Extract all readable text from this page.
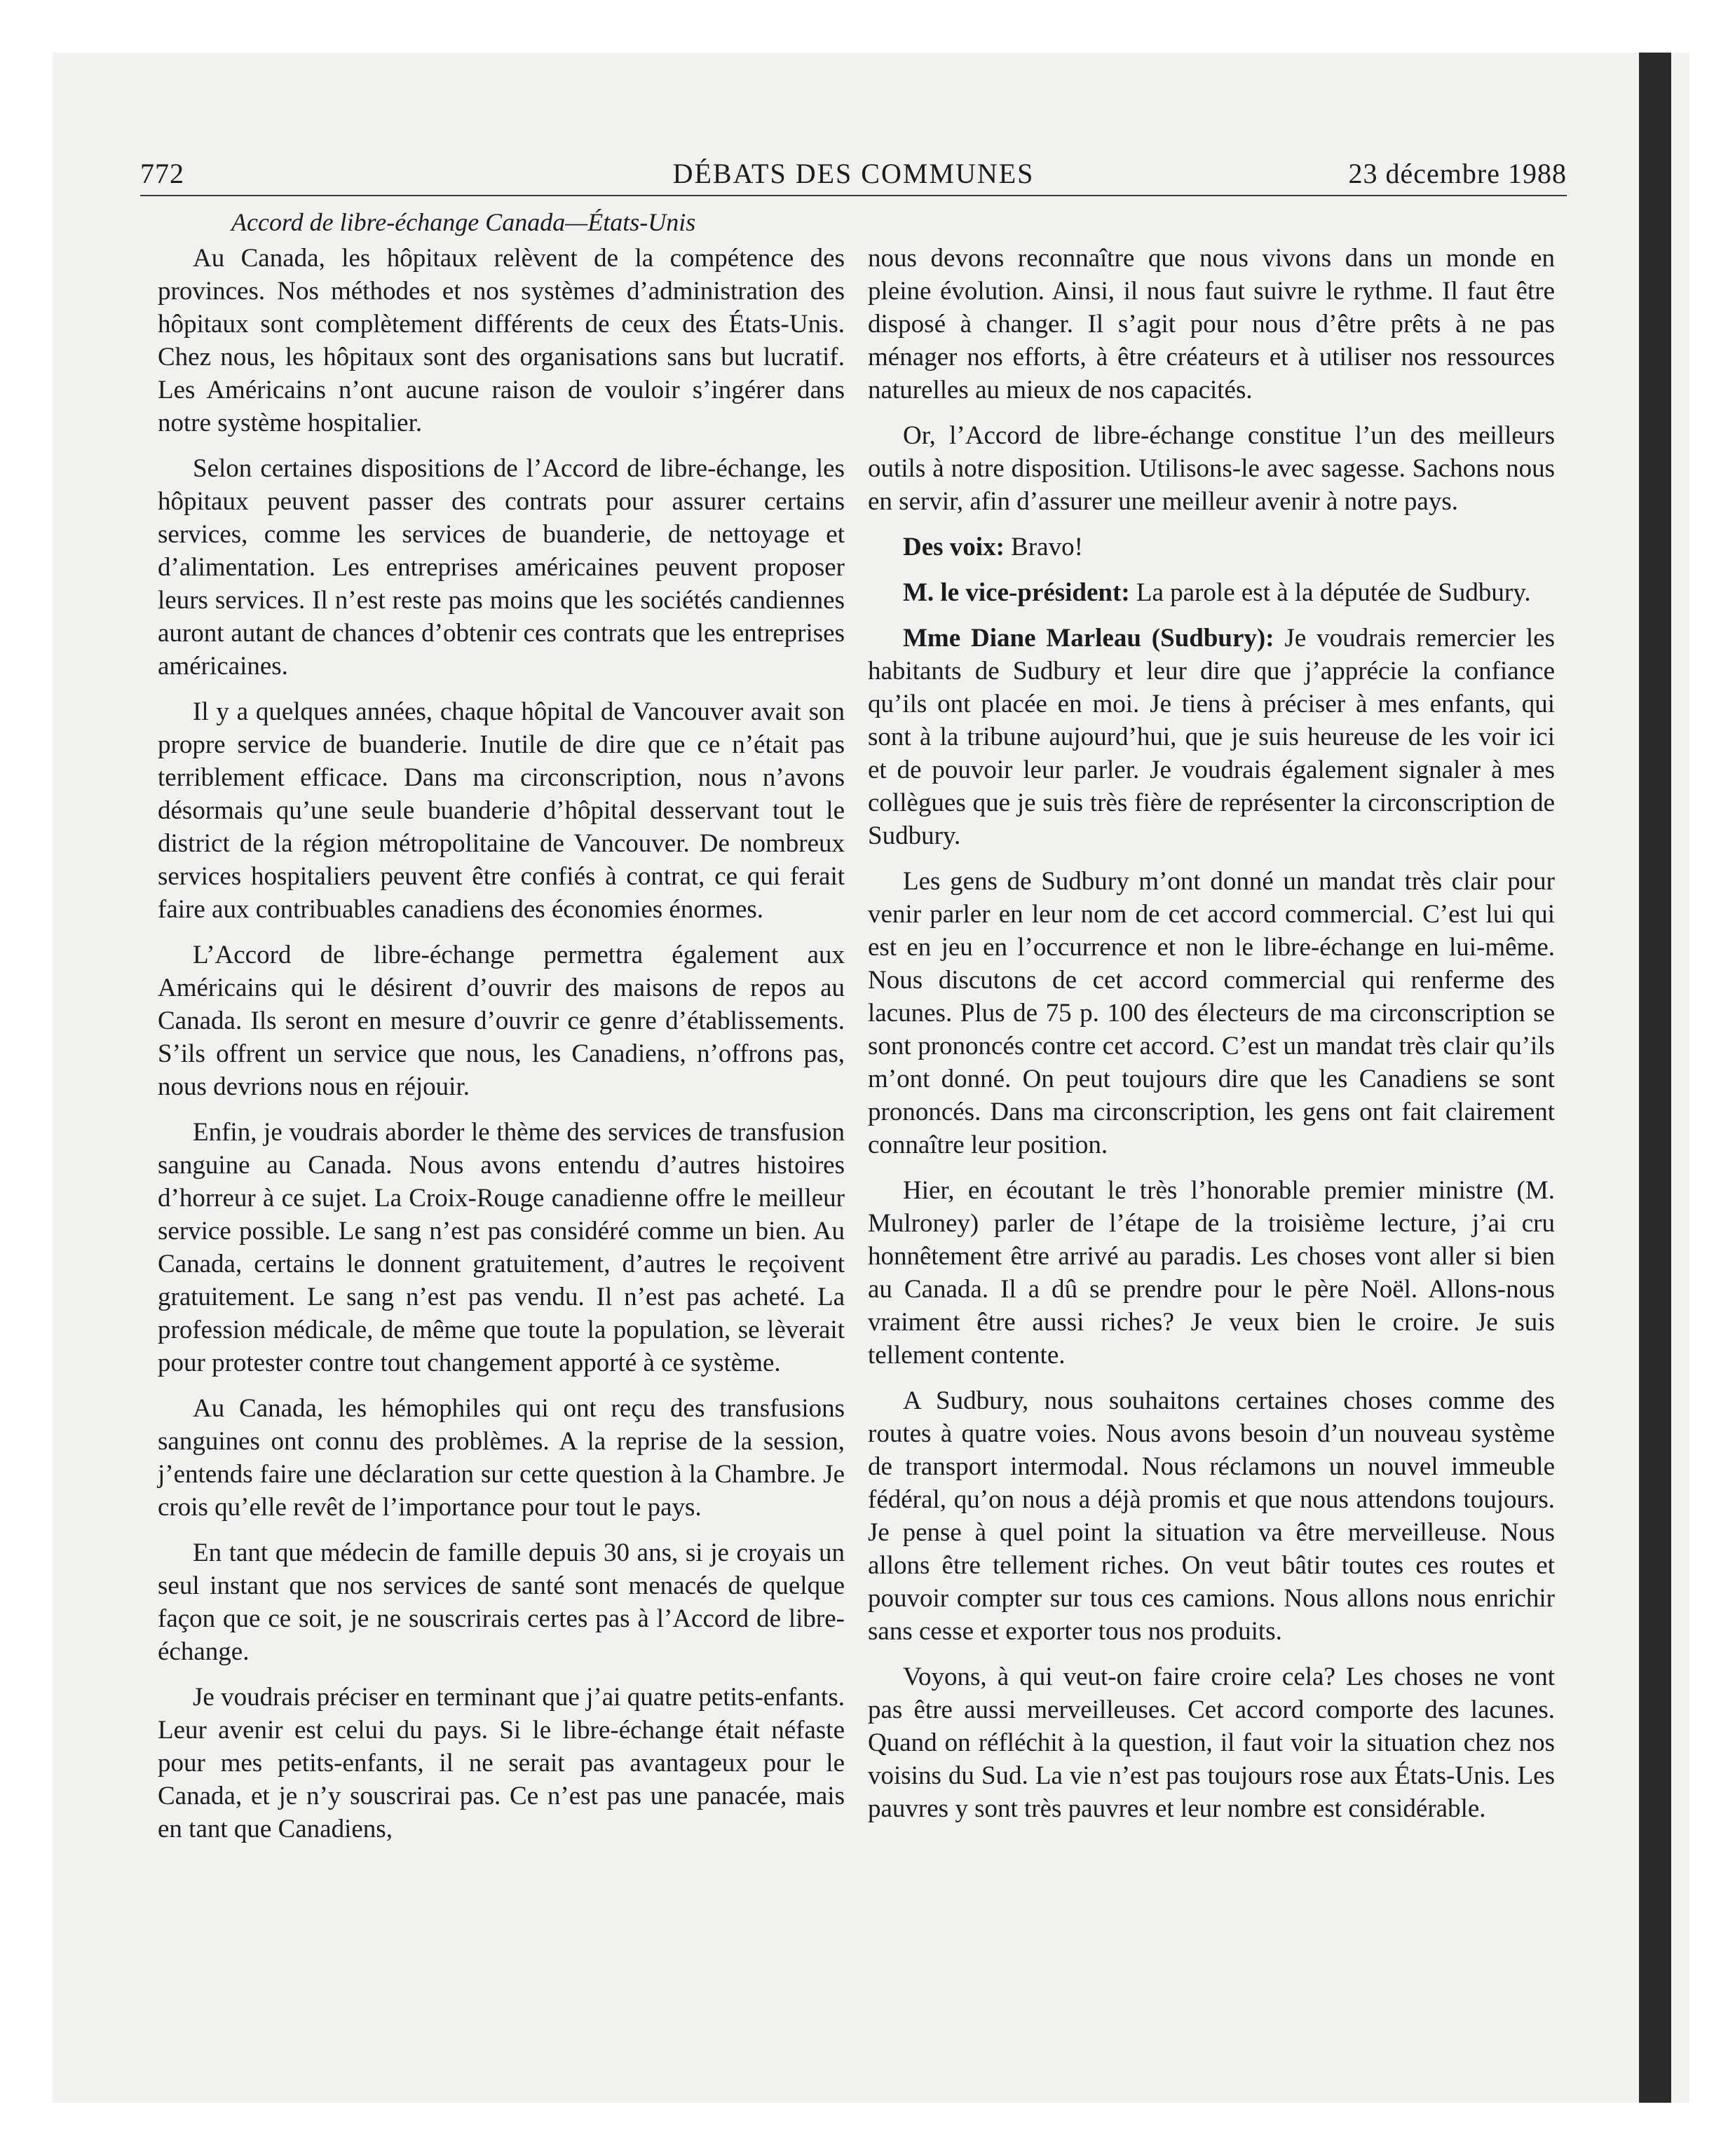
772	DÉBATS DES COMMUNES	23 décembre 1988
Accord de libre-échange Canada—États-Unis

Au Canada, les hôpitaux relèvent de la compétence des provinces. Nos méthodes et nos systèmes d’administration des hôpitaux sont complètement différents de ceux des États-Unis. Chez nous, les hôpitaux sont des organisations sans but lucratif. Les Américains n’ont aucune raison de vouloir s’ingérer dans notre système hospitalier.

Selon certaines dispositions de l’Accord de libre-échange, les hôpitaux peuvent passer des contrats pour assurer certains services, comme les services de buanderie, de nettoyage et d’alimentation. Les entreprises américaines peuvent proposer leurs services. Il n’est reste pas moins que les sociétés candiennes auront autant de chances d’obtenir ces contrats que les entreprises américaines.

Il y a quelques années, chaque hôpital de Vancouver avait son propre service de buanderie. Inutile de dire que ce n’était pas terriblement efficace. Dans ma circonscription, nous n’avons désormais qu’une seule buanderie d’hôpital desservant tout le district de la région métropolitaine de Vancouver. De nombreux services hospitaliers peuvent être confiés à contrat, ce qui ferait faire aux contribuables canadiens des économies énormes.

L’Accord de libre-échange permettra également aux Américains qui le désirent d’ouvrir des maisons de repos au Canada. Ils seront en mesure d’ouvrir ce genre d’établissements. S’ils offrent un service que nous, les Canadiens, n’offrons pas, nous devrions nous en réjouir.

Enfin, je voudrais aborder le thème des services de transfusion sanguine au Canada. Nous avons entendu d’autres histoires d’horreur à ce sujet. La Croix-Rouge canadienne offre le meilleur service possible. Le sang n’est pas considéré comme un bien. Au Canada, certains le donnent gratuitement, d’autres le reçoivent gratuitement. Le sang n’est pas vendu. Il n’est pas acheté. La profession médicale, de même que toute la population, se lèverait pour protester contre tout changement apporté à ce système.

Au Canada, les hémophiles qui ont reçu des transfusions sanguines ont connu des problèmes. A la reprise de la session, j’entends faire une déclaration sur cette question à la Chambre. Je crois qu’elle revêt de l’importance pour tout le pays.

En tant que médecin de famille depuis 30 ans, si je croyais un seul instant que nos services de santé sont menacés de quelque façon que ce soit, je ne souscrirais certes pas à l’Accord de libre-échange.

Je voudrais préciser en terminant que j’ai quatre petits-enfants. Leur avenir est celui du pays. Si le libre-échange était néfaste pour mes petits-enfants, il ne serait pas avantageux pour le Canada, et je n’y souscrirai pas. Ce n’est pas une panacée, mais en tant que Canadiens,

nous devons reconnaître que nous vivons dans un monde en pleine évolution. Ainsi, il nous faut suivre le rythme. Il faut être disposé à changer. Il s’agit pour nous d’être prêts à ne pas ménager nos efforts, à être créateurs et à utiliser nos ressources naturelles au mieux de nos capacités.

Or, l’Accord de libre-échange constitue l’un des meilleurs outils à notre disposition. Utilisons-le avec sagesse. Sachons nous en servir, afin d’assurer une meilleur avenir à notre pays.

Des voix: Bravo!

M. le vice-président: La parole est à la députée de Sudbury.

Mme Diane Marleau (Sudbury): Je voudrais remercier les habitants de Sudbury et leur dire que j’apprécie la confiance qu’ils ont placée en moi. Je tiens à préciser à mes enfants, qui sont à la tribune aujourd’hui, que je suis heureuse de les voir ici et de pouvoir leur parler. Je voudrais également signaler à mes collègues que je suis très fière de représenter la circonscription de Sudbury.

Les gens de Sudbury m’ont donné un mandat très clair pour venir parler en leur nom de cet accord commercial. C’est lui qui est en jeu en l’occurrence et non le libre-échange en lui-même. Nous discutons de cet accord commercial qui renferme des lacunes. Plus de 75 p. 100 des électeurs de ma circonscription se sont prononcés contre cet accord. C’est un mandat très clair qu’ils m’ont donné. On peut toujours dire que les Canadiens se sont prononcés. Dans ma circonscription, les gens ont fait clairement connaître leur position.

Hier, en écoutant le très l’honorable premier ministre (M. Mulroney) parler de l’étape de la troisième lecture, j’ai cru honnêtement être arrivé au paradis. Les choses vont aller si bien au Canada. Il a dû se prendre pour le père Noël. Allons-nous vraiment être aussi riches? Je veux bien le croire. Je suis tellement contente.

A Sudbury, nous souhaitons certaines choses comme des routes à quatre voies. Nous avons besoin d’un nouveau système de transport intermodal. Nous réclamons un nouvel immeuble fédéral, qu’on nous a déjà promis et que nous attendons toujours. Je pense à quel point la situation va être merveilleuse. Nous allons être tellement riches. On veut bâtir toutes ces routes et pouvoir compter sur tous ces camions. Nous allons nous enrichir sans cesse et exporter tous nos produits.

Voyons, à qui veut-on faire croire cela? Les choses ne vont pas être aussi merveilleuses. Cet accord comporte des lacunes. Quand on réfléchit à la question, il faut voir la situation chez nos voisins du Sud. La vie n’est pas toujours rose aux États-Unis. Les pauvres y sont très pauvres et leur nombre est considérable.
